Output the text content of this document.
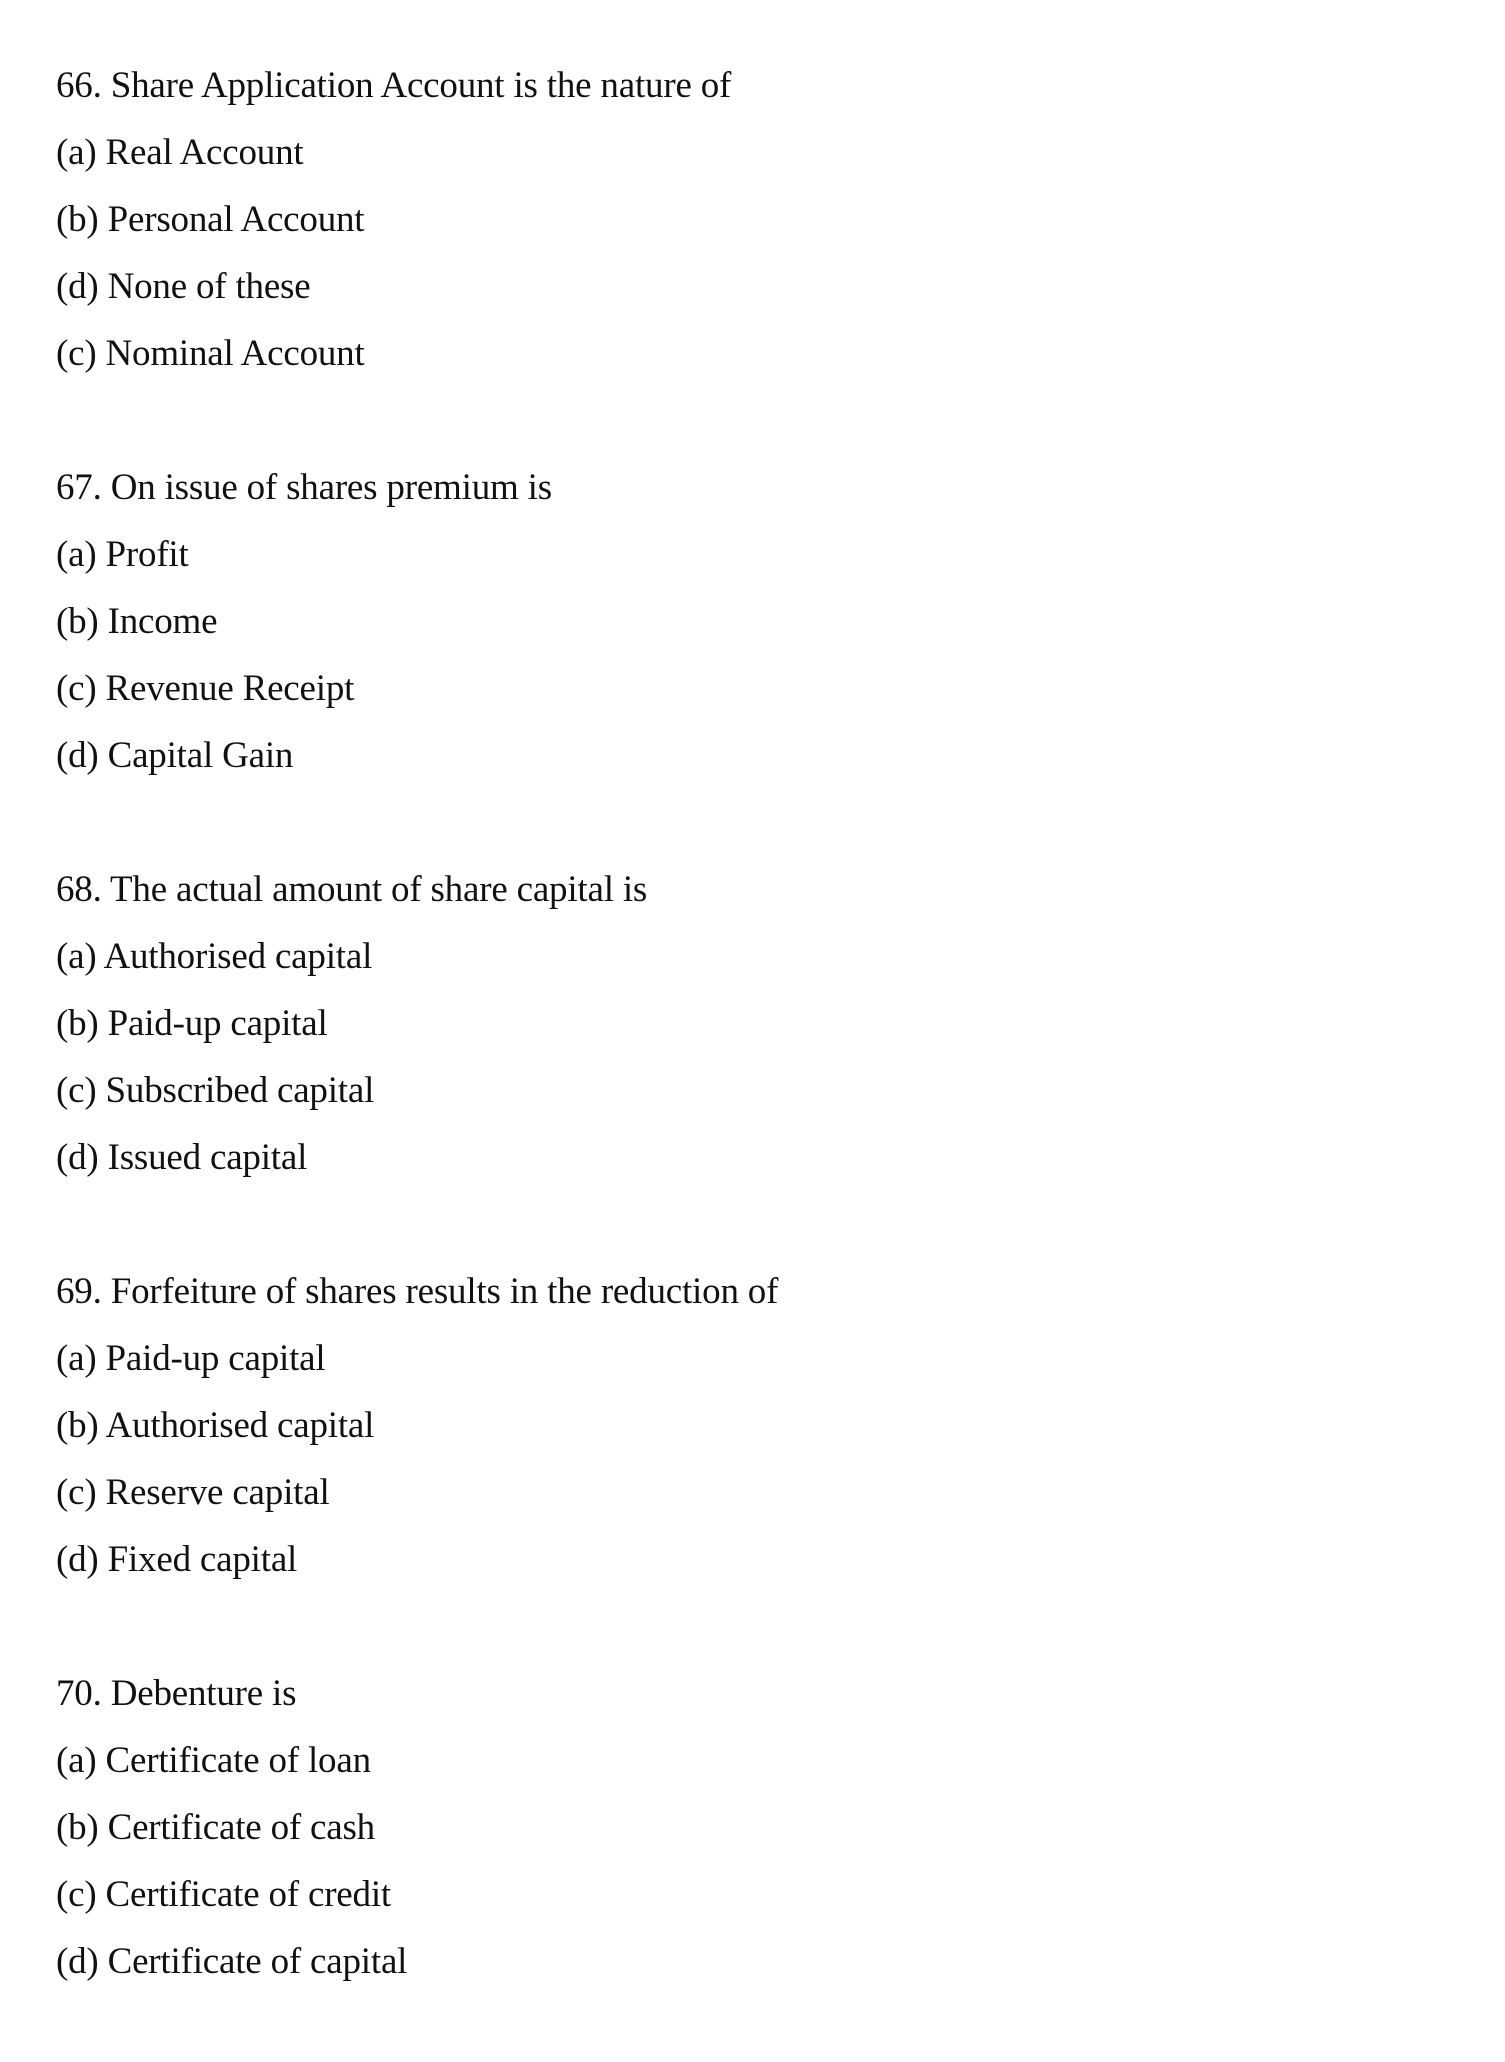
66. Share Application Account is the nature of
(a) Real Account
(b) Personal Account
(d) None of these
(c) Nominal Account
67. On issue of shares premium is
(a) Profit
(b) Income
(c) Revenue Receipt
(d) Capital Gain
68. The actual amount of share capital is
(a) Authorised capital
(b) Paid-up capital
(c) Subscribed capital
(d) Issued capital
69. Forfeiture of shares results in the reduction of
(a) Paid-up capital
(b) Authorised capital
(c) Reserve capital
(d) Fixed capital
70. Debenture is
(a) Certificate of loan
(b) Certificate of cash
(c) Certificate of credit
(d) Certificate of capital
